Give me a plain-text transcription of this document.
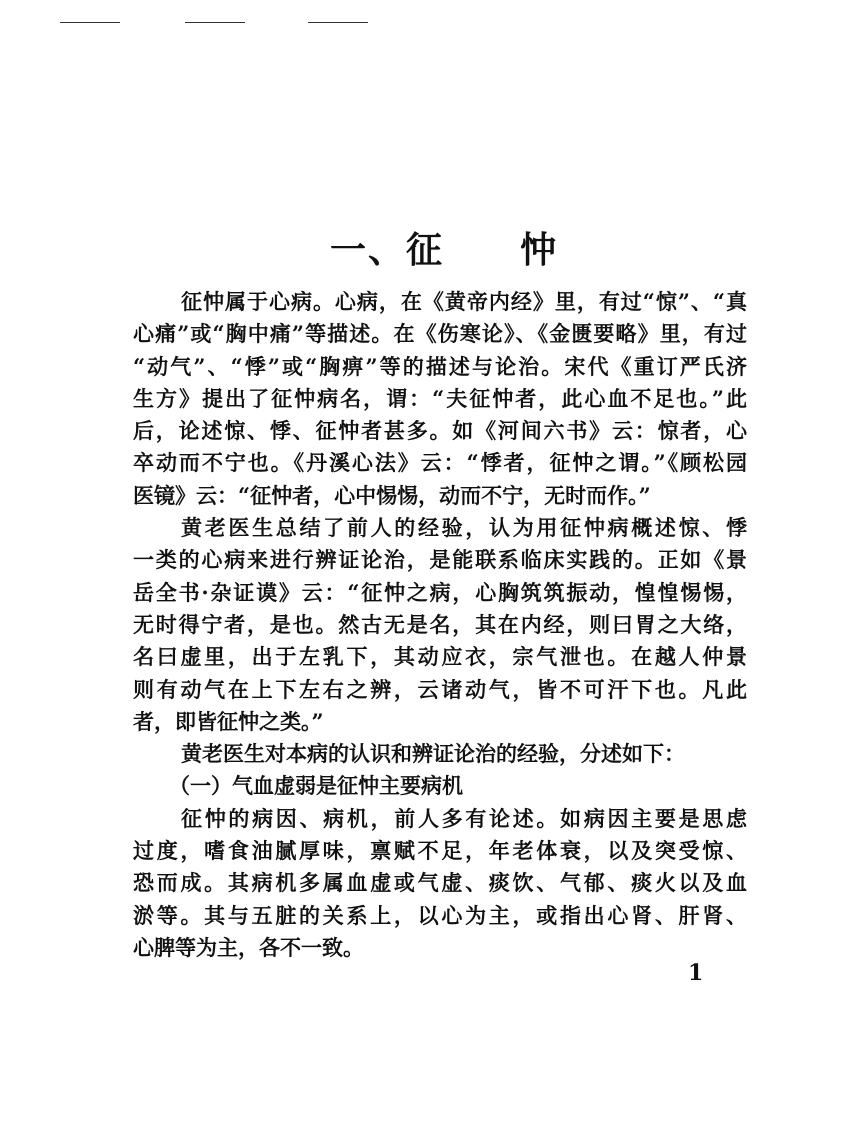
一、征　　忡
征忡属于心病。心病，在《黄帝内经》里，有过“惊”、“真
心痛”或“胸中痛”等描述。在《伤寒论》、《金匮要略》里，有过
“动气”、“悸”或“胸痹”等的描述与论治。宋代《重订严氏济
生方》提出了征忡病名，谓：“夫征忡者，此心血不足也。”此
后，论述惊、悸、征忡者甚多。如《河间六书》云：惊者，心
卒动而不宁也。《丹溪心法》云：“悸者，征忡之谓。”《顾松园
医镜》云：“征忡者，心中惕惕，动而不宁，无时而作。”
黄老医生总结了前人的经验，认为用征忡病概述惊、悸
一类的心病来进行辨证论治，是能联系临床实践的。正如《景
岳全书·杂证谟》云：“征忡之病，心胸筑筑振动，惶惶惕惕，
无时得宁者，是也。然古无是名，其在内经，则曰胃之大络，
名曰虚里，出于左乳下，其动应衣，宗气泄也。在越人仲景
则有动气在上下左右之辨，云诸动气，皆不可汗下也。凡此
者，即皆征忡之类。”
黄老医生对本病的认识和辨证论治的经验，分述如下：
（一）气血虚弱是征忡主要病机
征忡的病因、病机，前人多有论述。如病因主要是思虑
过度，嗜食油腻厚味，禀赋不足，年老体衰，以及突受惊、
恐而成。其病机多属血虚或气虚、痰饮、气郁、痰火以及血
淤等。其与五脏的关系上，以心为主，或指出心肾、肝肾、
心脾等为主，各不一致。
1
